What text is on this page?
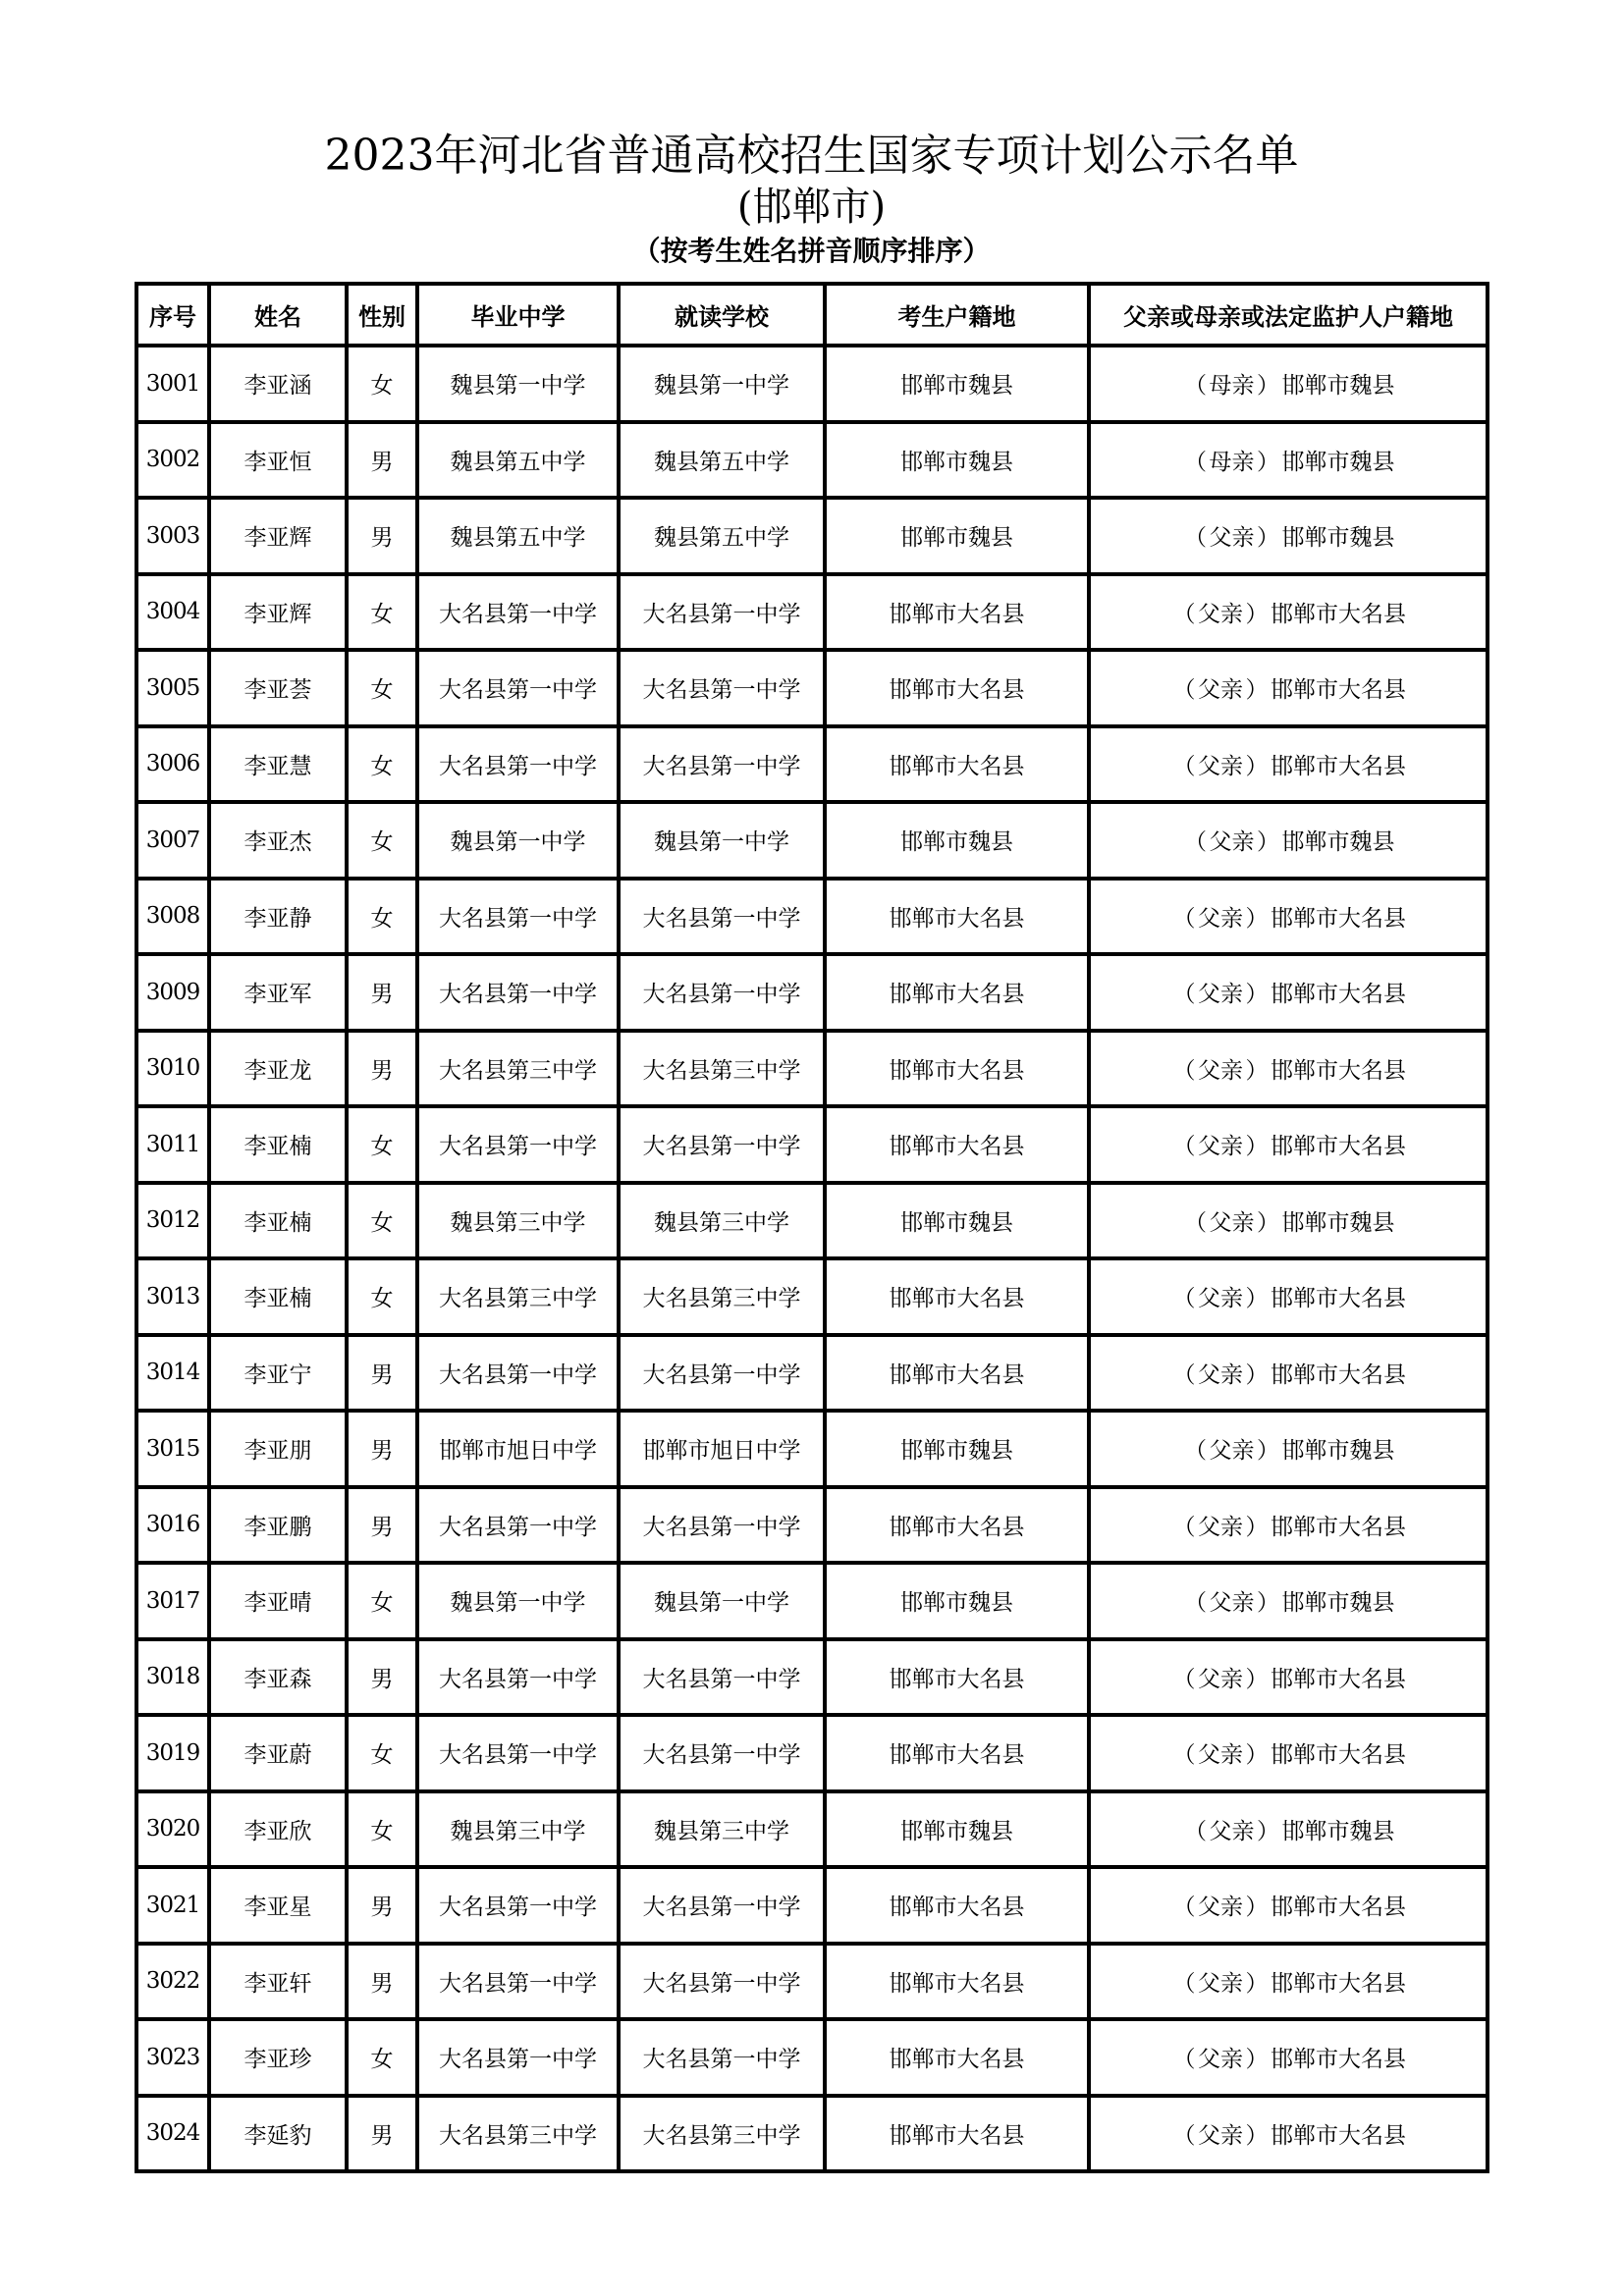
2023年河北省普通高校招生国家专项计划公示名单
(邯郸市)
（按考生姓名拼音顺序排序）
序号	姓名	性别	毕业中学	就读学校	考生户籍地	父亲或母亲或法定监护人户籍地
3001	李亚涵	女	魏县第一中学	魏县第一中学	邯郸市魏县	（ 母亲 ） 邯郸市魏县
3002	李亚恒	男	魏县第五中学	魏县第五中学	邯郸市魏县	（ 母亲 ） 邯郸市魏县
3003	李亚辉	男	魏县第五中学	魏县第五中学	邯郸市魏县	（ 父亲 ） 邯郸市魏县
3004	李亚辉	女	大名县第一中学	大名县第一中学	邯郸市大名县	（ 父亲 ） 邯郸市大名县
3005	李亚荟	女	大名县第一中学	大名县第一中学	邯郸市大名县	（ 父亲 ） 邯郸市大名县
3006	李亚慧	女	大名县第一中学	大名县第一中学	邯郸市大名县	（ 父亲 ） 邯郸市大名县
3007	李亚杰	女	魏县第一中学	魏县第一中学	邯郸市魏县	（ 父亲 ） 邯郸市魏县
3008	李亚静	女	大名县第一中学	大名县第一中学	邯郸市大名县	（ 父亲 ） 邯郸市大名县
3009	李亚军	男	大名县第一中学	大名县第一中学	邯郸市大名县	（ 父亲 ） 邯郸市大名县
3010	李亚龙	男	大名县第三中学	大名县第三中学	邯郸市大名县	（ 父亲 ） 邯郸市大名县
3011	李亚楠	女	大名县第一中学	大名县第一中学	邯郸市大名县	（ 父亲 ） 邯郸市大名县
3012	李亚楠	女	魏县第三中学	魏县第三中学	邯郸市魏县	（ 父亲 ） 邯郸市魏县
3013	李亚楠	女	大名县第三中学	大名县第三中学	邯郸市大名县	（ 父亲 ） 邯郸市大名县
3014	李亚宁	男	大名县第一中学	大名县第一中学	邯郸市大名县	（ 父亲 ） 邯郸市大名县
3015	李亚朋	男	邯郸市旭日中学	邯郸市旭日中学	邯郸市魏县	（ 父亲 ） 邯郸市魏县
3016	李亚鹏	男	大名县第一中学	大名县第一中学	邯郸市大名县	（ 父亲 ） 邯郸市大名县
3017	李亚晴	女	魏县第一中学	魏县第一中学	邯郸市魏县	（ 父亲 ） 邯郸市魏县
3018	李亚森	男	大名县第一中学	大名县第一中学	邯郸市大名县	（ 父亲 ） 邯郸市大名县
3019	李亚蔚	女	大名县第一中学	大名县第一中学	邯郸市大名县	（ 父亲 ） 邯郸市大名县
3020	李亚欣	女	魏县第三中学	魏县第三中学	邯郸市魏县	（ 父亲 ） 邯郸市魏县
3021	李亚星	男	大名县第一中学	大名县第一中学	邯郸市大名县	（ 父亲 ） 邯郸市大名县
3022	李亚轩	男	大名县第一中学	大名县第一中学	邯郸市大名县	（ 父亲 ） 邯郸市大名县
3023	李亚珍	女	大名县第一中学	大名县第一中学	邯郸市大名县	（ 父亲 ） 邯郸市大名县
3024	李延豹	男	大名县第三中学	大名县第三中学	邯郸市大名县	（ 父亲 ） 邯郸市大名县
